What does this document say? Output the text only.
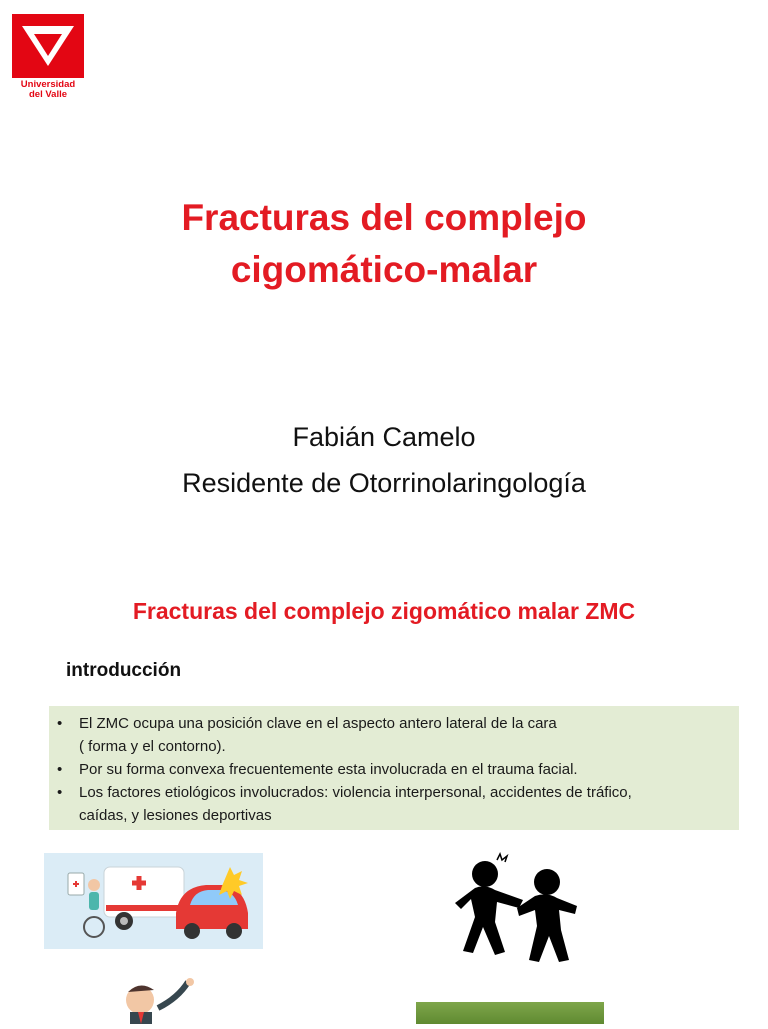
Universidad
del Valle
Fracturas del complejo
cigomático-malar
Fabián Camelo
Residente de Otorrinolaringología
Fracturas del complejo zigomático malar ZMC
introducción
•	El ZMC ocupa una posición clave en el aspecto antero lateral de la cara
( forma y el contorno).
•	Por su forma convexa frecuentemente esta involucrada en el trauma facial.
•	Los factores etiológicos involucrados: violencia interpersonal, accidentes de tráfico,
caídas, y lesiones deportivas
